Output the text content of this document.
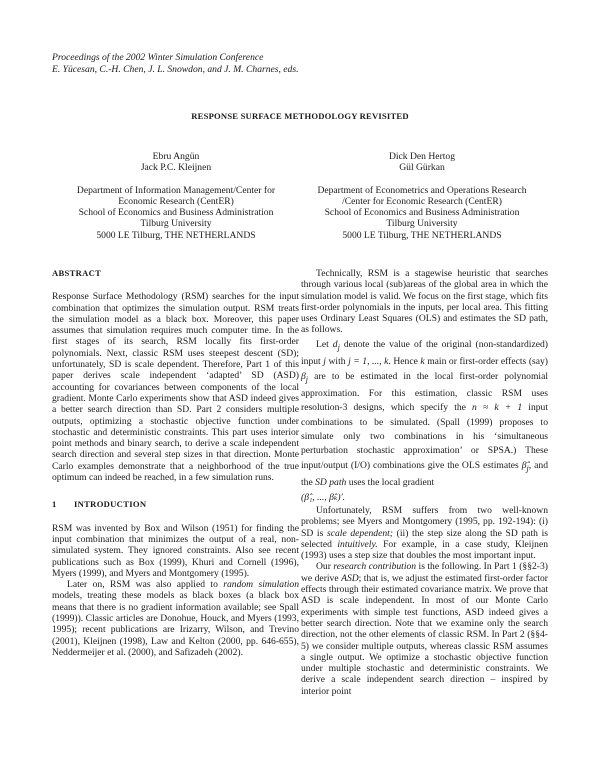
Proceedings of the 2002 Winter Simulation Conference
E. Yücesan, C.-H. Chen, J. L. Snowdon, and J. M. Charnes, eds.
RESPONSE SURFACE METHODOLOGY REVISITED
Ebru Angün
Jack P.C. Kleijnen
Department of Information Management/Center for
Economic Research (CentER)
School of Economics and Business Administration
Tilburg University
5000 LE Tilburg, THE NETHERLANDS
Dick Den Hertog
Gül Gürkan
Department of Econometrics and Operations Research
/Center for Economic Research (CentER)
School of Economics and Business Administration
Tilburg University
5000 LE Tilburg, THE NETHERLANDS

ABSTRACT

Response Surface Methodology (RSM) searches for the input combination that optimizes the simulation output. RSM treats the simulation model as a black box. Moreover, this paper assumes that simulation requires much computer time. In the first stages of its search, RSM locally fits first-order polynomials. Next, classic RSM uses steepest descent (SD); unfortunately, SD is scale dependent. Therefore, Part 1 of this paper derives scale independent ‘adapted’ SD (ASD) accounting for covariances between components of the local gradient. Monte Carlo experiments show that ASD indeed gives a better search direction than SD. Part 2 considers multiple outputs, optimizing a stochastic objective function under stochastic and deterministic constraints. This part uses interior point methods and binary search, to derive a scale independent search direction and several step sizes in that direction. Monte Carlo examples demonstrate that a neighborhood of the true optimum can indeed be reached, in a few simulation runs.

1 INTRODUCTION

RSM was invented by Box and Wilson (1951) for finding the input combination that minimizes the output of a real, non-simulated system. They ignored constraints. Also see recent publications such as Box (1999), Khuri and Cornell (1996), Myers (1999), and Myers and Montgomery (1995).

Later on, RSM was also applied to random simulation models, treating these models as black boxes (a black box means that there is no gradient information available; see Spall (1999)). Classic articles are Donohue, Houck, and Myers (1993, 1995); recent publications are Irizarry, Wilson, and Trevino (2001), Kleijnen (1998), Law and Kelton (2000, pp. 646-655), Neddermeijer et al. (2000), and Safizadeh (2002).

Technically, RSM is a stagewise heuristic that searches through various local (sub)areas of the global area in which the simulation model is valid. We focus on the first stage, which fits first-order polynomials in the inputs, per local area. This fitting uses Ordinary Least Squares (OLS) and estimates the SD path, as follows.

Let $d_j$ denote the value of the original (non-standardized) input j with j = 1, ..., k. Hence k main or first-order effects (say) $\beta_j$ are to be estimated in the local first-order polynomial approximation. For this estimation, classic RSM uses resolution-3 designs, which specify the n ≈ k + 1 input combinations to be simulated. (Spall (1999) proposes to simulate only two combinations in his ‘simultaneous perturbation stochastic approximation’ or SPSA.) These input/output (I/O) combinations give the OLS estimates $\betâ_j$, and the SD path uses the local gradient
(β̂₁, ..., β̂ₖ)′.

Unfortunately, RSM suffers from two well-known problems; see Myers and Montgomery (1995, pp. 192-194): (i) SD is scale dependent; (ii) the step size along the SD path is selected intuitively. For example, in a case study, Kleijnen (1993) uses a step size that doubles the most important input.

Our research contribution is the following. In Part 1 (§§2-3) we derive ASD; that is, we adjust the estimated first-order factor effects through their estimated covariance matrix. We prove that ASD is scale independent. In most of our Monte Carlo experiments with simple test functions, ASD indeed gives a better search direction. Note that we examine only the search direction, not the other elements of classic RSM. In Part 2 (§§4-5) we consider multiple outputs, whereas classic RSM assumes a single output. We optimize a stochastic objective function under multiple stochastic and deterministic constraints. We derive a scale independent search direction – inspired by interior point
